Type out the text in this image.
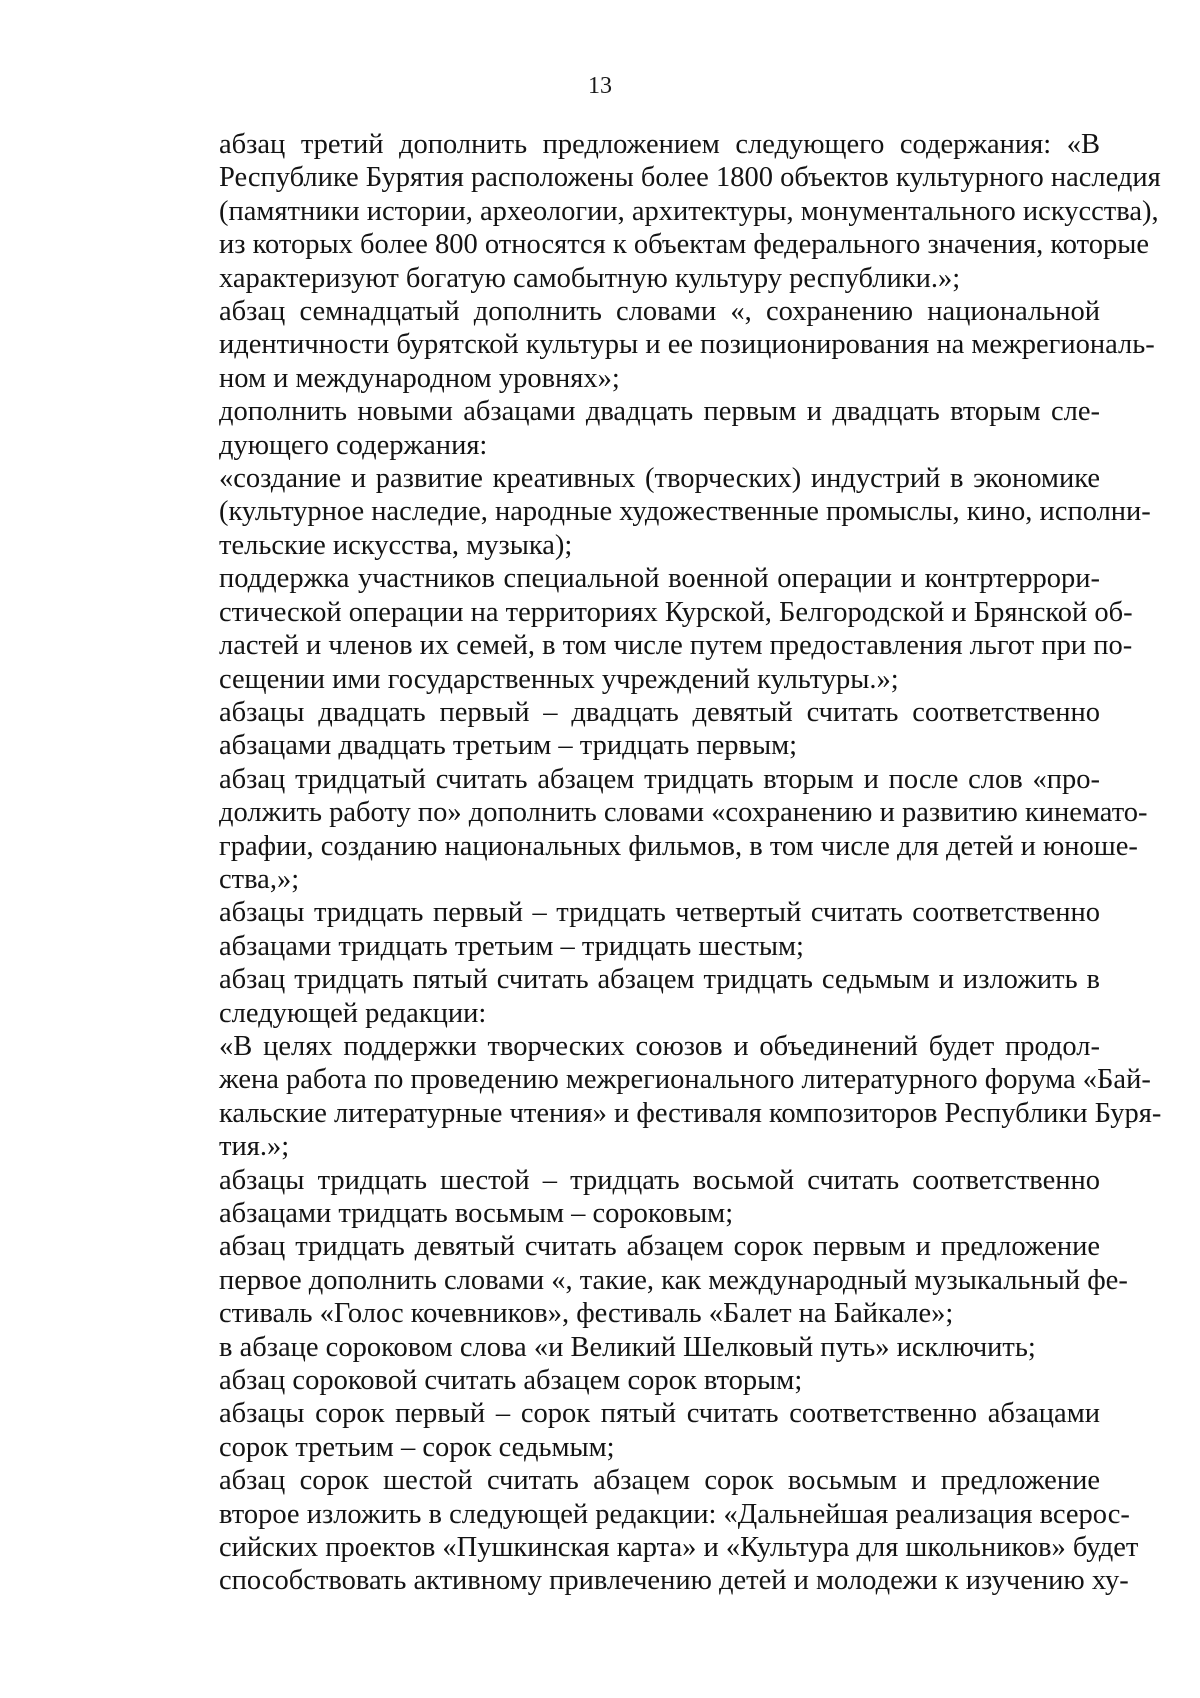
13

абзац третий дополнить предложением следующего содержания: «В
Республике Бурятия расположены более 1800 объектов культурного наследия
(памятники истории, археологии, архитектуры, монументального искусства),
из которых более 800 относятся к объектам федерального значения, которые
характеризуют богатую самобытную культуру республики.»;

абзац семнадцатый дополнить словами «, сохранению национальной
идентичности бурятской культуры и ее позиционирования на межрегиональ-
ном и международном уровнях»;

дополнить новыми абзацами двадцать первым и двадцать вторым сле-
дующего содержания:

«создание и развитие креативных (творческих) индустрий в экономике
(культурное наследие, народные художественные промыслы, кино, исполни-
тельские искусства, музыка);

поддержка участников специальной военной операции и контртеррори-
стической операции на территориях Курской, Белгородской и Брянской об-
ластей и членов их семей, в том числе путем предоставления льгот при по-
сещении ими государственных учреждений культуры.»;

абзацы двадцать первый – двадцать девятый считать соответственно
абзацами двадцать третьим – тридцать первым;

абзац тридцатый считать абзацем тридцать вторым и после слов «про-
должить работу по» дополнить словами «сохранению и развитию кинемато-
графии, созданию национальных фильмов, в том числе для детей и юноше-
ства,»;

абзацы тридцать первый – тридцать четвертый считать соответственно
абзацами тридцать третьим – тридцать шестым;

абзац тридцать пятый считать абзацем тридцать седьмым и изложить в
следующей редакции:

«В целях поддержки творческих союзов и объединений будет продол-
жена работа по проведению межрегионального литературного форума «Бай-
кальские литературные чтения» и фестиваля композиторов Республики Буря-
тия.»;

абзацы тридцать шестой – тридцать восьмой считать соответственно
абзацами тридцать восьмым – сороковым;

абзац тридцать девятый считать абзацем сорок первым и предложение
первое дополнить словами «, такие, как международный музыкальный фе-
стиваль «Голос кочевников», фестиваль «Балет на Байкале»;

в абзаце сороковом слова «и Великий Шелковый путь» исключить;

абзац сороковой считать абзацем сорок вторым;

абзацы сорок первый – сорок пятый считать соответственно абзацами
сорок третьим – сорок седьмым;

абзац сорок шестой считать абзацем сорок восьмым и предложение
второе изложить в следующей редакции: «Дальнейшая реализация всерос-
сийских проектов «Пушкинская карта» и «Культура для школьников» будет
способствовать активному привлечению детей и молодежи к изучению ху-
